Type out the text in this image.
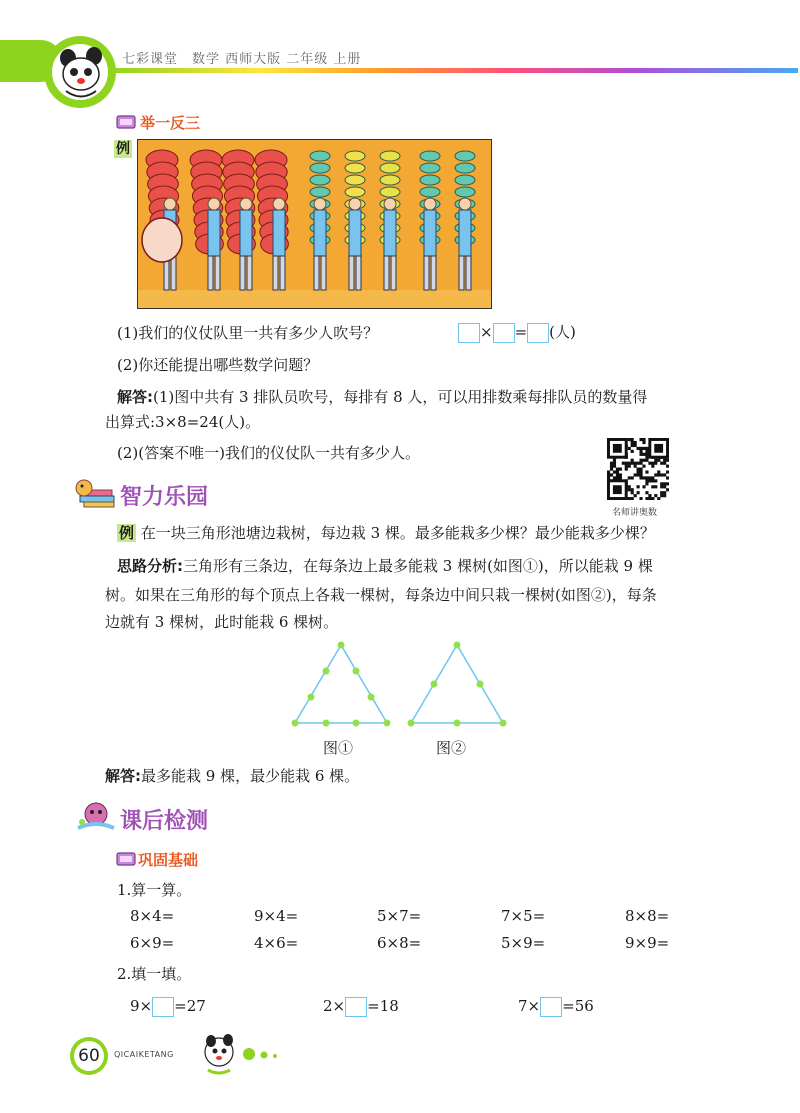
七彩课堂　数学 西师大版 二年级 上册
举一反三
例
(1)我们的仪仗队里一共有多少人吹号？	× = (人)
(2)你还能提出哪些数学问题？
解答:(1)图中共有 3 排队员吹号，每排有 8 人，可以用排数乘每排队员的数量得
出算式:3×8=24(人)。
(2)(答案不唯一)我们的仪仗队一共有多少人。
名师讲奥数
智力乐园
例 在一块三角形池塘边栽树，每边栽 3 棵。最多能栽多少棵？最少能栽多少棵？
思路分析:三角形有三条边，在每条边上最多能栽 3 棵树(如图①)，所以能栽 9 棵
树。如果在三角形的每个顶点上各栽一棵树，每条边中间只栽一棵树(如图②)，每条
边就有 3 棵树，此时能栽 6 棵树。
图①	图②
解答:最多能栽 9 棵，最少能栽 6 棵。
课后检测
巩固基础
1.算一算。
8×4=	9×4=	5×7=	7×5=	8×8=
6×9=	4×6=	6×8=	5×9=	9×9=
2.填一填。
9× =27	2× =18	7× =56
60	QICAIKETANG
